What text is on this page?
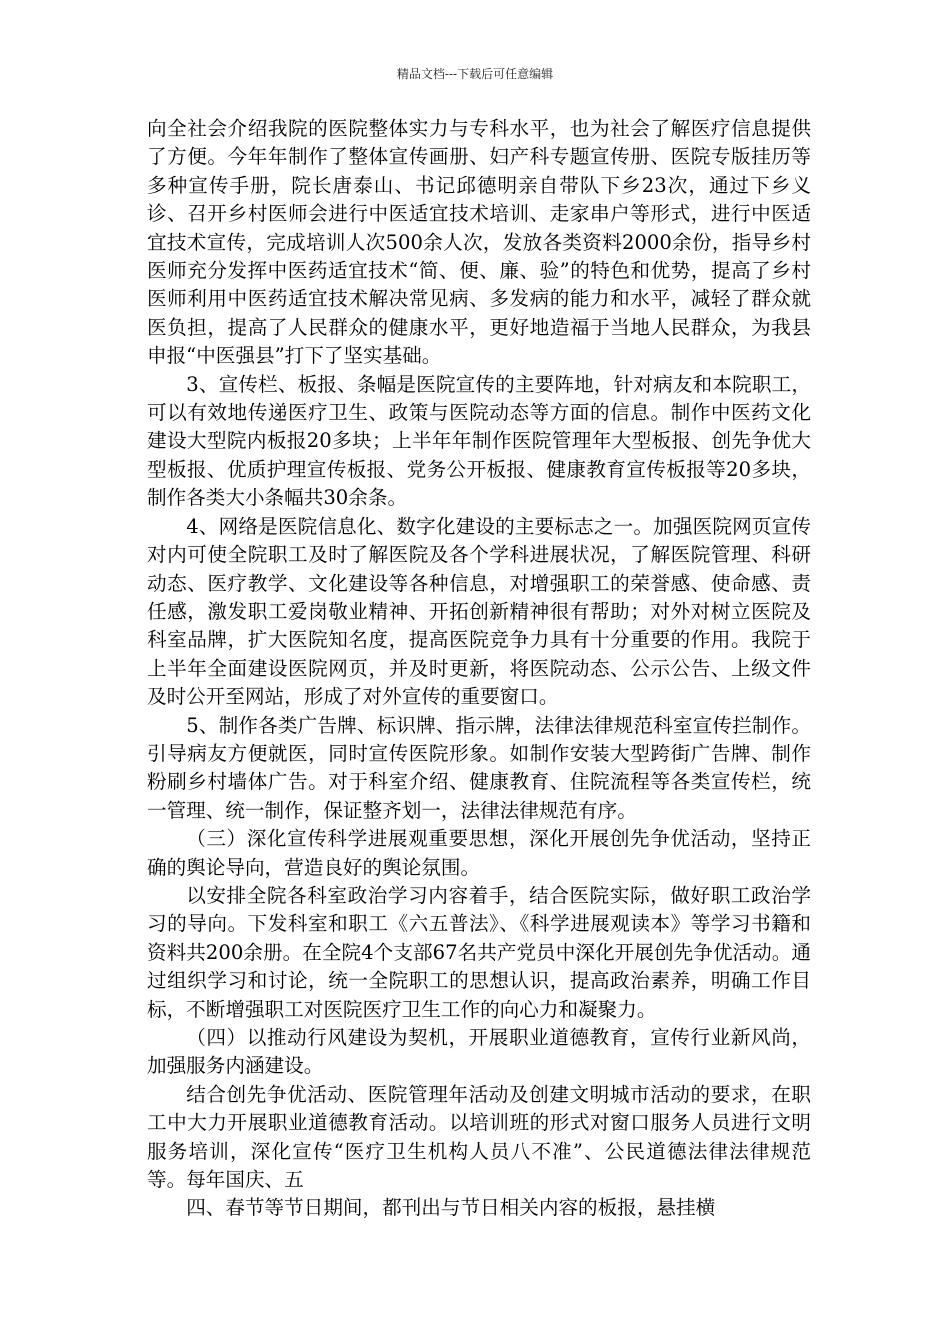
精品文档---下载后可任意编辑

向全社会介绍我院的医院整体实力与专科水平，也为社会了解医疗信息提供了方便。今年年制作了整体宣传画册、妇产科专题宣传册、医院专版挂历等多种宣传手册，院长唐泰山、书记邱德明亲自带队下乡23次，通过下乡义诊、召开乡村医师会进行中医适宜技术培训、走家串户等形式，进行中医适宜技术宣传，完成培训人次500余人次，发放各类资料2000余份，指导乡村医师充分发挥中医药适宜技术“简、便、廉、验”的特色和优势，提高了乡村医师利用中医药适宜技术解决常见病、多发病的能力和水平，减轻了群众就医负担，提高了人民群众的健康水平，更好地造福于当地人民群众，为我县申报“中医强县”打下了坚实基础。

3、宣传栏、板报、条幅是医院宣传的主要阵地，针对病友和本院职工，可以有效地传递医疗卫生、政策与医院动态等方面的信息。制作中医药文化建设大型院内板报20多块；上半年年制作医院管理年大型板报、创先争优大型板报、优质护理宣传板报、党务公开板报、健康教育宣传板报等20多块，制作各类大小条幅共30余条。

4、网络是医院信息化、数字化建设的主要标志之一。加强医院网页宣传对内可使全院职工及时了解医院及各个学科进展状况，了解医院管理、科研动态、医疗教学、文化建设等各种信息，对增强职工的荣誉感、使命感、责任感，激发职工爱岗敬业精神、开拓创新精神很有帮助；对外对树立医院及科室品牌，扩大医院知名度，提高医院竞争力具有十分重要的作用。我院于上半年全面建设医院网页，并及时更新，将医院动态、公示公告、上级文件及时公开至网站，形成了对外宣传的重要窗口。

5、制作各类广告牌、标识牌、指示牌，法律法律规范科室宣传拦制作。引导病友方便就医，同时宣传医院形象。如制作安装大型跨街广告牌、制作粉刷乡村墙体广告。对于科室介绍、健康教育、住院流程等各类宣传栏，统一管理、统一制作，保证整齐划一，法律法律规范有序。

（三）深化宣传科学进展观重要思想，深化开展创先争优活动，坚持正确的舆论导向，营造良好的舆论氛围。

以安排全院各科室政治学习内容着手，结合医院实际，做好职工政治学习的导向。下发科室和职工《六五普法》、《科学进展观读本》等学习书籍和资料共200余册。在全院4个支部67名共产党员中深化开展创先争优活动。通过组织学习和讨论，统一全院职工的思想认识，提高政治素养，明确工作目标，不断增强职工对医院医疗卫生工作的向心力和凝聚力。

（四）以推动行风建设为契机，开展职业道德教育，宣传行业新风尚，加强服务内涵建设。

结合创先争优活动、医院管理年活动及创建文明城市活动的要求，在职工中大力开展职业道德教育活动。以培训班的形式对窗口服务人员进行文明服务培训，深化宣传“医疗卫生机构人员八不准”、公民道德法律法律规范等。每年国庆、五

四、春节等节日期间，都刊出与节日相关内容的板报，悬挂横
